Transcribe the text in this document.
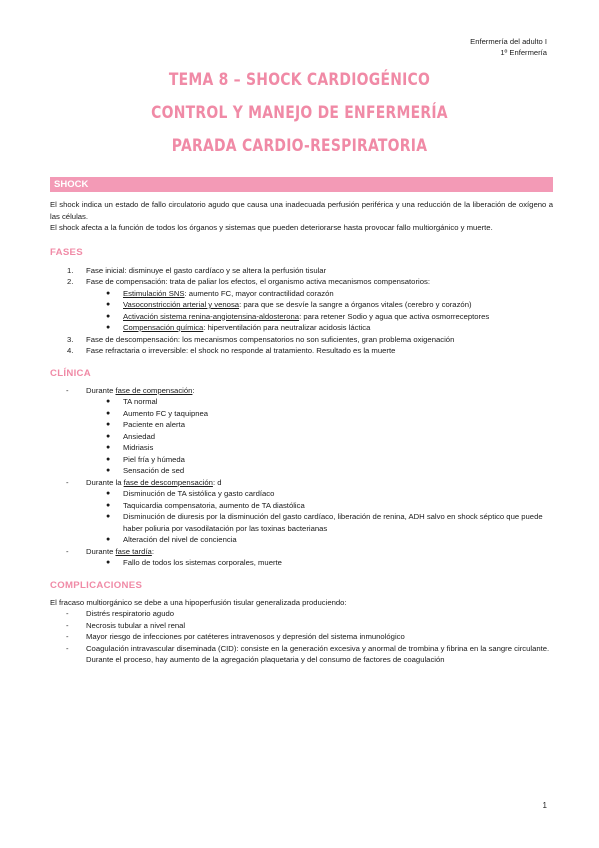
Enfermería del adulto I
1º Enfermería
TEMA 8 – SHOCK CARDIOGÉNICO
CONTROL Y MANEJO DE ENFERMERÍA
PARADA CARDIO-RESPIRATORIA
SHOCK

El shock indica un estado de fallo circulatorio agudo que causa una inadecuada perfusión periférica y una reducción de la liberación de oxígeno a las células.

El shock afecta a la función de todos los órganos y sistemas que pueden deteriorarse hasta provocar fallo multiorgánico y muerte.

FASES

1. Fase inicial: disminuye el gasto cardíaco y se altera la perfusión tisular
2. Fase de compensación: trata de paliar los efectos, el organismo activa mecanismos compensatorios:
● Estimulación SNS: aumento FC, mayor contractilidad corazón
● Vasoconstricción arterial y venosa: para que se desvíe la sangre a órganos vitales (cerebro y corazón)
● Activación sistema renina-angiotensina-aldosterona: para retener Sodio y agua que activa osmorreceptores
● Compensación química: hiperventilación para neutralizar acidosis láctica
3. Fase de descompensación: los mecanismos compensatorios no son suficientes, gran problema oxigenación
4. Fase refractaria o irreversible: el shock no responde al tratamiento. Resultado es la muerte

CLÍNICA

- Durante fase de compensación:
● TA normal
● Aumento FC y taquipnea
● Paciente en alerta
● Ansiedad
● Midriasis
● Piel fría y húmeda
● Sensación de sed
- Durante la fase de descompensación: d
● Disminución de TA sistólica y gasto cardíaco
● Taquicardia compensatoria, aumento de TA diastólica
● Disminución de diuresis por la disminución del gasto cardíaco, liberación de renina, ADH salvo en shock séptico que puede haber poliuria por vasodilatación por las toxinas bacterianas
● Alteración del nivel de conciencia
- Durante fase tardía:
● Fallo de todos los sistemas corporales, muerte

COMPLICACIONES

El fracaso multiorgánico se debe a una hipoperfusión tisular generalizada produciendo:

- Distrés respiratorio agudo
- Necrosis tubular a nivel renal
- Mayor riesgo de infecciones por catéteres intravenosos y depresión del sistema inmunológico
- Coagulación intravascular diseminada (CID): consiste en la generación excesiva y anormal de trombina y fibrina en la sangre circulante. Durante el proceso, hay aumento de la agregación plaquetaria y del consumo de factores de coagulación
1
